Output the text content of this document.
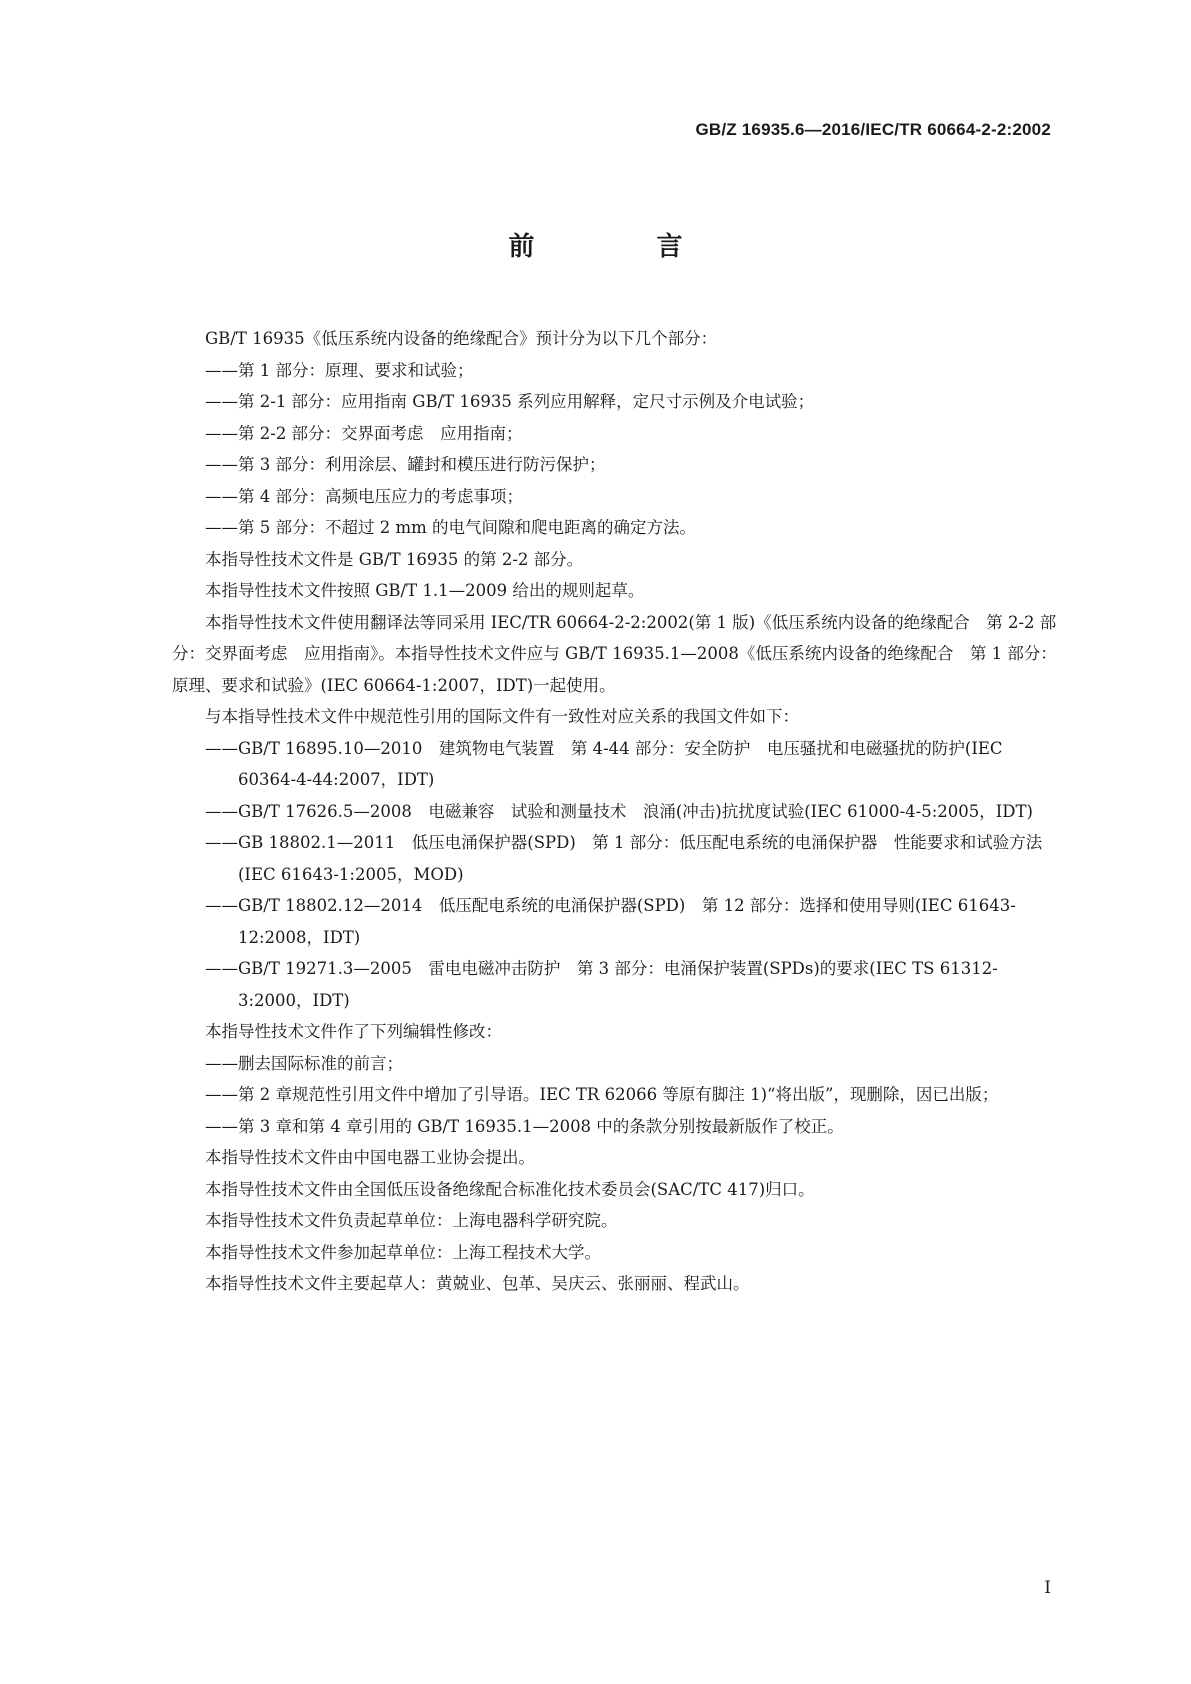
GB/Z 16935.6—2016/IEC/TR 60664-2-2:2002
前　言

GB/T 16935《低压系统内设备的绝缘配合》预计分为以下几个部分：

——第 1 部分：原理、要求和试验；

——第 2-1 部分：应用指南 GB/T 16935 系列应用解释，定尺寸示例及介电试验；

——第 2-2 部分：交界面考虑　应用指南；

——第 3 部分：利用涂层、罐封和模压进行防污保护；

——第 4 部分：高频电压应力的考虑事项；

——第 5 部分：不超过 2 mm 的电气间隙和爬电距离的确定方法。

本指导性技术文件是 GB/T 16935 的第 2-2 部分。

本指导性技术文件按照 GB/T 1.1—2009 给出的规则起草。

本指导性技术文件使用翻译法等同采用 IEC/TR 60664-2-2:2002(第 1 版)《低压系统内设备的绝缘配合　第 2-2 部分：交界面考虑　应用指南》。本指导性技术文件应与 GB/T 16935.1—2008《低压系统内设备的绝缘配合　第 1 部分：原理、要求和试验》(IEC 60664-1:2007，IDT)一起使用。

与本指导性技术文件中规范性引用的国际文件有一致性对应关系的我国文件如下：

——GB/T 16895.10—2010　建筑物电气装置　第 4-44 部分：安全防护　电压骚扰和电磁骚扰的防护(IEC 60364-4-44:2007，IDT)

——GB/T 17626.5—2008　电磁兼容　试验和测量技术　浪涌(冲击)抗扰度试验(IEC 61000-4-5:2005，IDT)

——GB 18802.1—2011　低压电涌保护器(SPD)　第 1 部分：低压配电系统的电涌保护器　性能要求和试验方法(IEC 61643-1:2005，MOD)

——GB/T 18802.12—2014　低压配电系统的电涌保护器(SPD)　第 12 部分：选择和使用导则(IEC 61643-12:2008，IDT)

——GB/T 19271.3—2005　雷电电磁冲击防护　第 3 部分：电涌保护装置(SPDs)的要求(IEC TS 61312-3:2000，IDT)

本指导性技术文件作了下列编辑性修改：

——删去国际标准的前言；

——第 2 章规范性引用文件中增加了引导语。IEC TR 62066 等原有脚注 1)“将出版”，现删除，因已出版；

——第 3 章和第 4 章引用的 GB/T 16935.1—2008 中的条款分别按最新版作了校正。

本指导性技术文件由中国电器工业协会提出。

本指导性技术文件由全国低压设备绝缘配合标准化技术委员会(SAC/TC 417)归口。

本指导性技术文件负责起草单位：上海电器科学研究院。

本指导性技术文件参加起草单位：上海工程技术大学。

本指导性技术文件主要起草人：黄兢业、包革、吴庆云、张丽丽、程武山。

I
